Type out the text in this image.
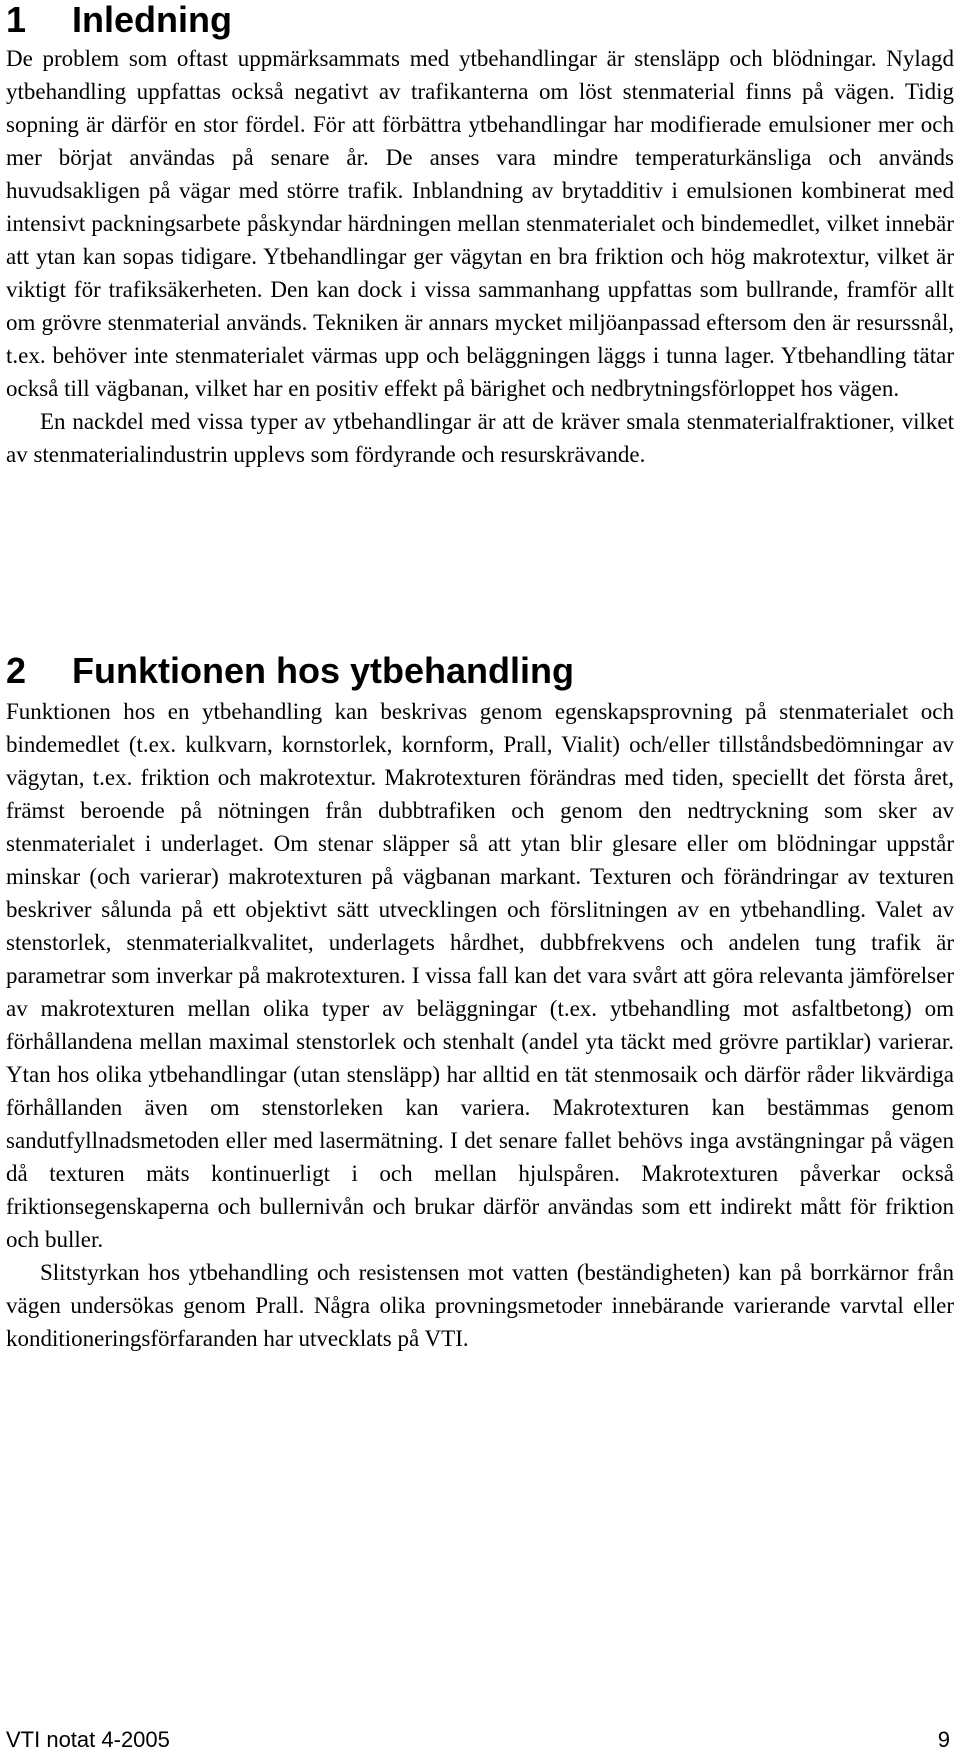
1 Inledning

De problem som oftast uppmärksammats med ytbehandlingar är stensläpp och blödningar. Nylagd ytbehandling uppfattas också negativt av trafikanterna om löst stenmaterial finns på vägen. Tidig sopning är därför en stor fördel. För att förbättra ytbehandlingar har modifierade emulsioner mer och mer börjat användas på senare år. De anses vara mindre temperaturkänsliga och används huvudsakligen på vägar med större trafik. Inblandning av brytadditiv i emulsionen kombinerat med intensivt packningsarbete påskyndar härdningen mellan stenmaterialet och bindemedlet, vilket innebär att ytan kan sopas tidigare. Ytbehandlingar ger vägytan en bra friktion och hög makrotextur, vilket är viktigt för trafiksäkerheten. Den kan dock i vissa sammanhang uppfattas som bullrande, framför allt om grövre stenmaterial används. Tekniken är annars mycket miljöanpassad eftersom den är resurssnål, t.ex. behöver inte stenmaterialet värmas upp och beläggningen läggs i tunna lager. Ytbehandling tätar också till vägbanan, vilket har en positiv effekt på bärighet och nedbrytningsförloppet hos vägen.

En nackdel med vissa typer av ytbehandlingar är att de kräver smala stenmaterialfraktioner, vilket av stenmaterialindustrin upplevs som fördyrande och resurskrävande.

2 Funktionen hos ytbehandling

Funktionen hos en ytbehandling kan beskrivas genom egenskapsprovning på stenmaterialet och bindemedlet (t.ex. kulkvarn, kornstorlek, kornform, Prall, Vialit) och/eller tillståndsbedömningar av vägytan, t.ex. friktion och makrotextur. Makrotexturen förändras med tiden, speciellt det första året, främst beroende på nötningen från dubbtrafiken och genom den nedtryckning som sker av stenmaterialet i underlaget. Om stenar släpper så att ytan blir glesare eller om blödningar uppstår minskar (och varierar) makrotexturen på vägbanan markant. Texturen och förändringar av texturen beskriver sålunda på ett objektivt sätt utvecklingen och förslitningen av en ytbehandling. Valet av stenstorlek, stenmaterialkvalitet, underlagets hårdhet, dubbfrekvens och andelen tung trafik är parametrar som inverkar på makrotexturen. I vissa fall kan det vara svårt att göra relevanta jämförelser av makrotexturen mellan olika typer av beläggningar (t.ex. ytbehandling mot asfaltbetong) om förhållandena mellan maximal stenstorlek och stenhalt (andel yta täckt med grövre partiklar) varierar. Ytan hos olika ytbehandlingar (utan stensläpp) har alltid en tät stenmosaik och därför råder likvärdiga förhållanden även om stenstorleken kan variera. Makrotexturen kan bestämmas genom sandutfyllnadsmetoden eller med lasermätning. I det senare fallet behövs inga avstängningar på vägen då texturen mäts kontinuerligt i och mellan hjulspåren. Makrotexturen påverkar också friktionsegenskaperna och bullernivån och brukar därför användas som ett indirekt mått för friktion och buller.

Slitstyrkan hos ytbehandling och resistensen mot vatten (beständigheten) kan på borrkärnor från vägen undersökas genom Prall. Några olika provningsmetoder innebärande varierande varvtal eller konditioneringsförfaranden har utvecklats på VTI.

VTI notat 4-2005	9
